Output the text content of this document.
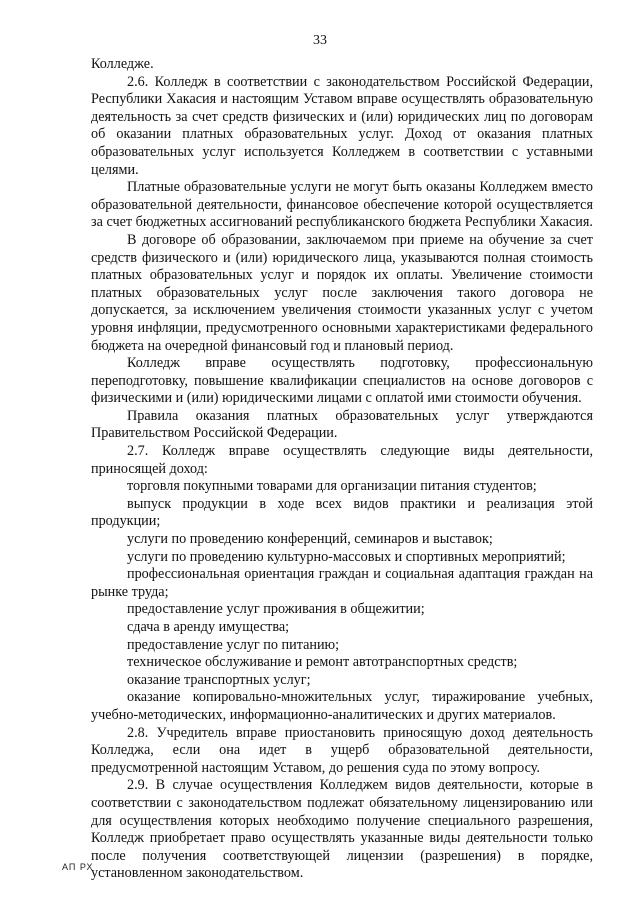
33

Колледже.

2.6. Колледж в соответствии с законодательством Российской Федерации, Республики Хакасия и настоящим Уставом вправе осуществлять образовательную деятельность за счет средств физических и (или) юридических лиц по договорам об оказании платных образовательных услуг. Доход от оказания платных образовательных услуг используется Колледжем в соответствии с уставными целями.

Платные образовательные услуги не могут быть оказаны Колледжем вместо образовательной деятельности, финансовое обеспечение которой осуществляется за счет бюджетных ассигнований республиканского бюджета Республики Хакасия.

В договоре об образовании, заключаемом при приеме на обучение за счет средств физического и (или) юридического лица, указываются полная стоимость платных образовательных услуг и порядок их оплаты. Увеличение стоимости платных образовательных услуг после заключения такого договора не допускается, за исключением увеличения стоимости указанных услуг с учетом уровня инфляции, предусмотренного основными характеристиками федерального бюджета на очередной финансовый год и плановый период.

Колледж вправе осуществлять подготовку, профессиональную переподготовку, повышение квалификации специалистов на основе договоров с физическими и (или) юридическими лицами с оплатой ими стоимости обучения.

Правила оказания платных образовательных услуг утверждаются Правительством Российской Федерации.

2.7. Колледж вправе осуществлять следующие виды деятельности, приносящей доход:

торговля покупными товарами для организации питания студентов;

выпуск продукции в ходе всех видов практики и реализация этой продукции;

услуги по проведению конференций, семинаров и выставок;

услуги по проведению культурно-массовых и спортивных мероприятий;

профессиональная ориентация граждан и социальная адаптация граждан на рынке труда;

предоставление услуг проживания в общежитии;

сдача в аренду имущества;

предоставление услуг по питанию;

техническое обслуживание и ремонт автотранспортных средств;

оказание транспортных услуг;

оказание копировально-множительных услуг, тиражирование учебных, учебно-методических, информационно-аналитических и других материалов.

2.8. Учредитель вправе приостановить приносящую доход деятельность Колледжа, если она идет в ущерб образовательной деятельности, предусмотренной настоящим Уставом, до решения суда по этому вопросу.

2.9. В случае осуществления Колледжем видов деятельности, которые в соответствии с законодательством подлежат обязательному лицензированию или для осуществления которых необходимо получение специального разрешения, Колледж приобретает право осуществлять указанные виды деятельности только после получения соответствующей лицензии (разрешения) в порядке, установленном законодательством.

АП РХ
